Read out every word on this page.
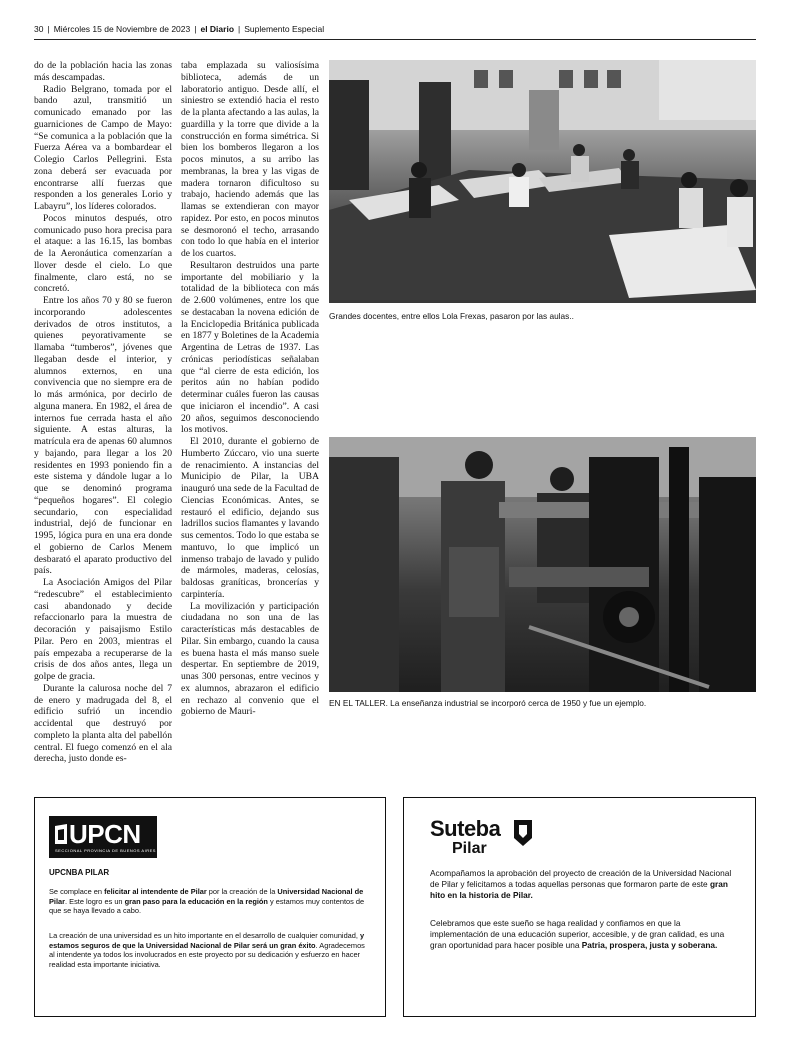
30 | Miércoles 15 de Noviembre de 2023 | el Diario | Suplemento Especial

do de la población hacia las zonas más descampadas.

Radio Belgrano, tomada por el bando azul, transmitió un comunicado emanado por las guarniciones de Campo de Mayo: “Se comunica a la población que la Fuerza Aérea va a bombardear el Colegio Carlos Pellegrini. Esta zona deberá ser evacuada por encontrarse allí fuerzas que responden a los generales Lorio y Labayru”, los líderes colorados.

Pocos minutos después, otro comunicado puso hora precisa para el ataque: a las 16.15, las bombas de la Aeronáutica comenzarían a llover desde el cielo. Lo que finalmente, claro está, no se concretó.

Entre los años 70 y 80 se fueron incorporando adolescentes derivados de otros institutos, a quienes peyorativamente se llamaba “tumberos”, jóvenes que llegaban desde el interior, y alumnos externos, en una convivencia que no siempre era de lo más armónica, por decirlo de alguna manera. En 1982, el área de internos fue cerrada hasta el año siguiente. A estas alturas, la matrícula era de apenas 60 alumnos y bajando, para llegar a los 20 residentes en 1993 poniendo fin a este sistema y dándole lugar a lo que se denominó programa “pequeños hogares”. El colegio secundario, con especialidad industrial, dejó de funcionar en 1995, lógica pura en una era donde el gobierno de Carlos Menem desbarató el aparato productivo del país.

La Asociación Amigos del Pilar “redescubre” el establecimiento casi abandonado y decide refaccionarlo para la muestra de decoración y paisajismo Estilo Pilar. Pero en 2003, mientras el país empezaba a recuperarse de la crisis de dos años antes, llega un golpe de gracia.

Durante la calurosa noche del 7 de enero y madrugada del 8, el edificio sufrió un incendio accidental que destruyó por completo la planta alta del pabellón central. El fuego comenzó en el ala derecha, justo donde es-

taba emplazada su valiosísima biblioteca, además de un laboratorio antiguo. Desde allí, el siniestro se extendió hacia el resto de la planta afectando a las aulas, la guardilla y la torre que divide a la construcción en forma simétrica. Si bien los bomberos llegaron a los pocos minutos, a su arribo las membranas, la brea y las vigas de madera tornaron dificultoso su trabajo, haciendo además que las llamas se extendieran con mayor rapidez. Por esto, en pocos minutos se desmoronó el techo, arrasando con todo lo que había en el interior de los cuartos.

Resultaron destruidos una parte importante del mobiliario y la totalidad de la biblioteca con más de 2.600 volúmenes, entre los que se destacaban la novena edición de la Enciclopedia Británica publicada en 1877 y Boletines de la Academia Argentina de Letras de 1937. Las crónicas periodísticas señalaban que “al cierre de esta edición, los peritos aún no habían podido determinar cuáles fueron las causas que iniciaron el incendio”. A casi 20 años, seguimos desconociendo los motivos.

El 2010, durante el gobierno de Humberto Zúccaro, vio una suerte de renacimiento. A instancias del Municipio de Pilar, la UBA inauguró una sede de la Facultad de Ciencias Económicas. Antes, se restauró el edificio, dejando sus ladrillos sucios flamantes y lavando sus cementos. Todo lo que estaba se mantuvo, lo que implicó un inmenso trabajo de lavado y pulido de mármoles, maderas, celosías, baldosas graníticas, broncerías y carpintería.

La movilización y participación ciudadana no son una de las características más destacables de Pilar. Sin embargo, cuando la causa es buena hasta el más manso suele despertar. En septiembre de 2019, unas 300 personas, entre vecinos y ex alumnos, abrazaron el edificio en rechazo al convenio que el gobierno de Mauri-

Grandes docentes, entre ellos Lola Frexas, pasaron por las aulas..
EN EL TALLER. La enseñanza industrial se incorporó cerca de 1950 y fue un ejemplo.
UPCN
SECCIONAL PROVINCIA DE BUENOS AIRES
UPCNBA PILAR
Se complace en felicitar al intendente de Pilar por la creación de la Universidad Nacional de Pilar. Este logro es un gran paso para la educación en la región y estamos muy contentos de que se haya llevado a cabo.
La creación de una universidad es un hito importante en el desarrollo de cualquier comunidad, y estamos seguros de que la Universidad Nacional de Pilar será un gran éxito. Agradecemos al intendente ya todos los involucrados en este proyecto por su dedicación y esfuerzo en hacer realidad esta importante iniciativa.
Suteba
Pilar
Acompañamos la aprobación del proyecto de creación de la Universidad Nacional de Pilar y felicitamos a todas aquellas personas que formaron parte de este gran hito en la historia de Pilar.
Celebramos que este sueño se haga realidad y confiamos en que la implementación de una educación superior, accesible, y de gran calidad, es una gran oportunidad para hacer posible una Patria, prospera, justa y soberana.
